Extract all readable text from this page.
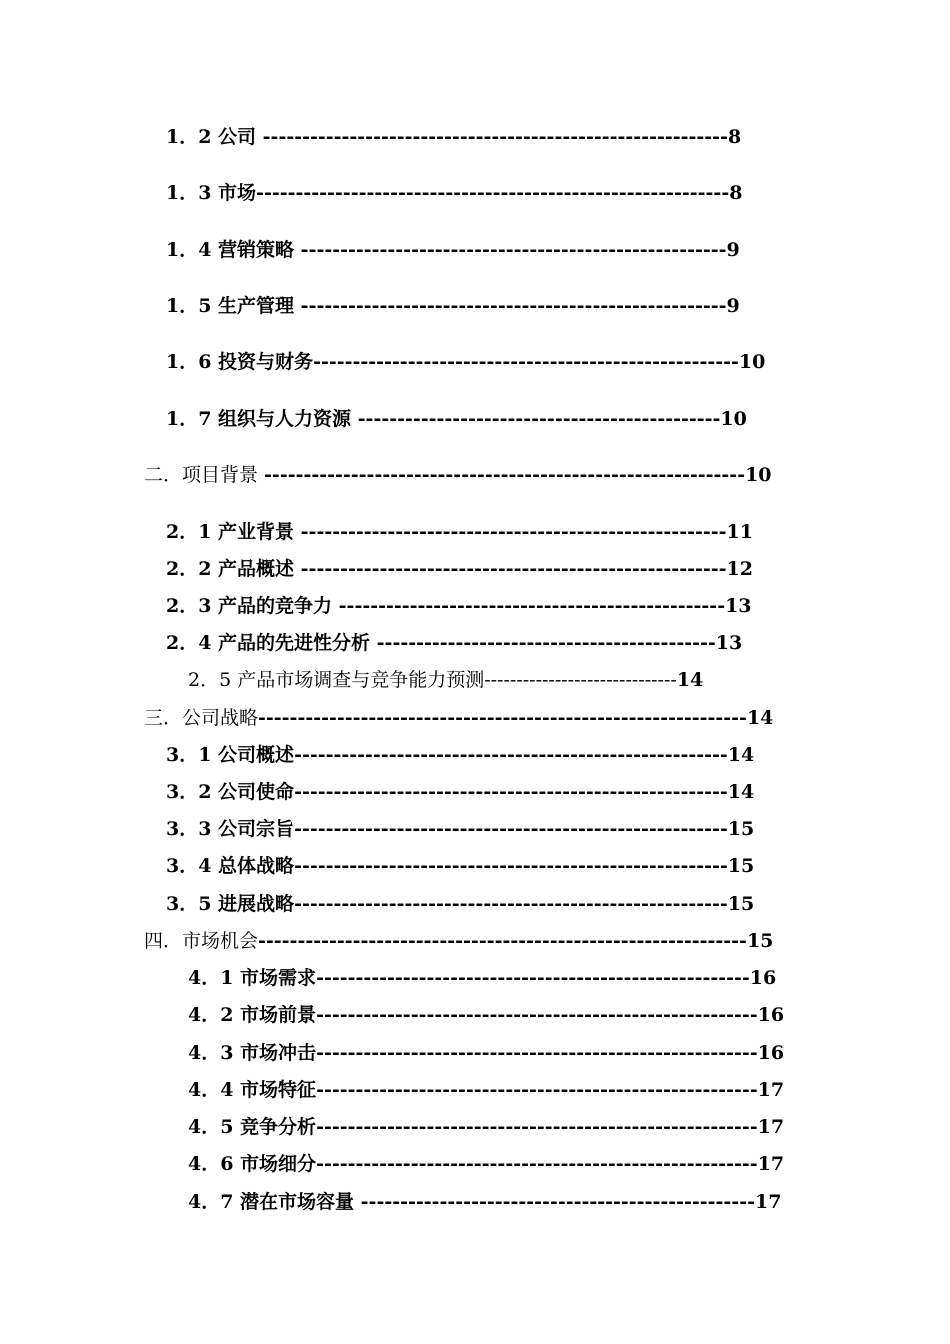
1．2 公司 -----------------------------------------------------------8
1．3 市场------------------------------------------------------------8
1．4 营销策略 ------------------------------------------------------9
1．5 生产管理 ------------------------------------------------------9
1．6 投资与财务------------------------------------------------------10
1．7 组织与人力资源 ----------------------------------------------10
二．项目背景 -------------------------------------------------------------10
2．1 产业背景 ------------------------------------------------------11
2．2 产品概述 ------------------------------------------------------12
2．3 产品的竞争力 -------------------------------------------------13
2．4 产品的先进性分析 -------------------------------------------13
2．5 产品市场调查与竞争能力预测------------------------------14
三．公司战略--------------------------------------------------------------14
3．1 公司概述-------------------------------------------------------14
3．2 公司使命-------------------------------------------------------14
3．3 公司宗旨-------------------------------------------------------15
3．4 总体战略-------------------------------------------------------15
3．5 进展战略-------------------------------------------------------15
四．市场机会--------------------------------------------------------------15
4．1 市场需求-------------------------------------------------------16
4．2 市场前景--------------------------------------------------------16
4．3 市场冲击--------------------------------------------------------16
4．4 市场特征--------------------------------------------------------17
4．5 竞争分析--------------------------------------------------------17
4．6 市场细分--------------------------------------------------------17
4．7 潜在市场容量 --------------------------------------------------17
